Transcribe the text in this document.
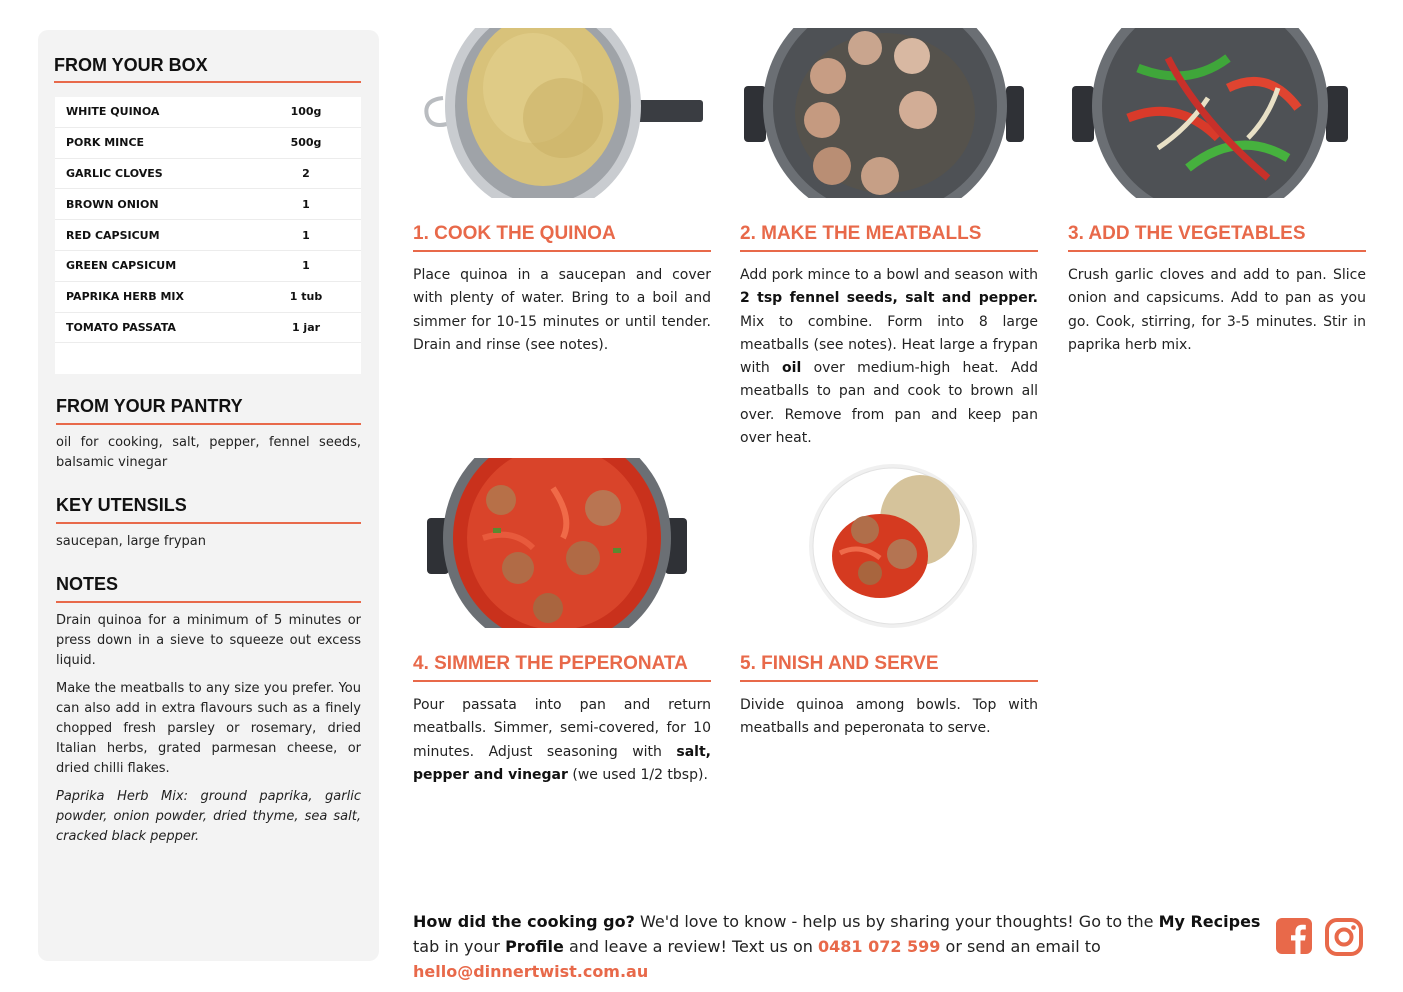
FROM YOUR BOX
WHITE QUINOA	100g
PORK MINCE	500g
GARLIC CLOVES	2
BROWN ONION	1
RED CAPSICUM	1
GREEN CAPSICUM	1
PAPRIKA HERB MIX	1 tub
TOMATO PASSATA	1 jar
FROM YOUR PANTRY
oil for cooking, salt, pepper, fennel seeds, balsamic vinegar
KEY UTENSILS
saucepan, large frypan
NOTES
Drain quinoa for a minimum of 5 minutes or press down in a sieve to squeeze out excess liquid.
Make the meatballs to any size you prefer. You can also add in extra flavours such as a finely chopped fresh parsley or rosemary, dried Italian herbs, grated parmesan cheese, or dried chilli flakes.
Paprika Herb Mix: ground paprika, garlic powder, onion powder, dried thyme, sea salt, cracked black pepper.
1. COOK THE QUINOA
Place quinoa in a saucepan and cover with plenty of water. Bring to a boil and simmer for 10-15 minutes or until tender. Drain and rinse (see notes).
2. MAKE THE MEATBALLS
Add pork mince to a bowl and season with 2 tsp fennel seeds, salt and pepper. Mix to combine. Form into 8 large meatballs (see notes). Heat large a frypan with oil over medium-high heat. Add meatballs to pan and cook to brown all over. Remove from pan and keep pan over heat.
3. ADD THE VEGETABLES
Crush garlic cloves and add to pan. Slice onion and capsicums. Add to pan as you go. Cook, stirring, for 3-5 minutes. Stir in paprika herb mix.
4. SIMMER THE PEPERONATA
Pour passata into pan and return meatballs. Simmer, semi-covered, for 10 minutes. Adjust seasoning with salt, pepper and vinegar (we used 1/2 tbsp).
5. FINISH AND SERVE
Divide quinoa among bowls. Top with meatballs and peperonata to serve.
How did the cooking go? We'd love to know - help us by sharing your thoughts! Go to the My Recipes tab in your Profile and leave a review! Text us on 0481 072 599 or send an email to hello@dinnertwist.com.au
